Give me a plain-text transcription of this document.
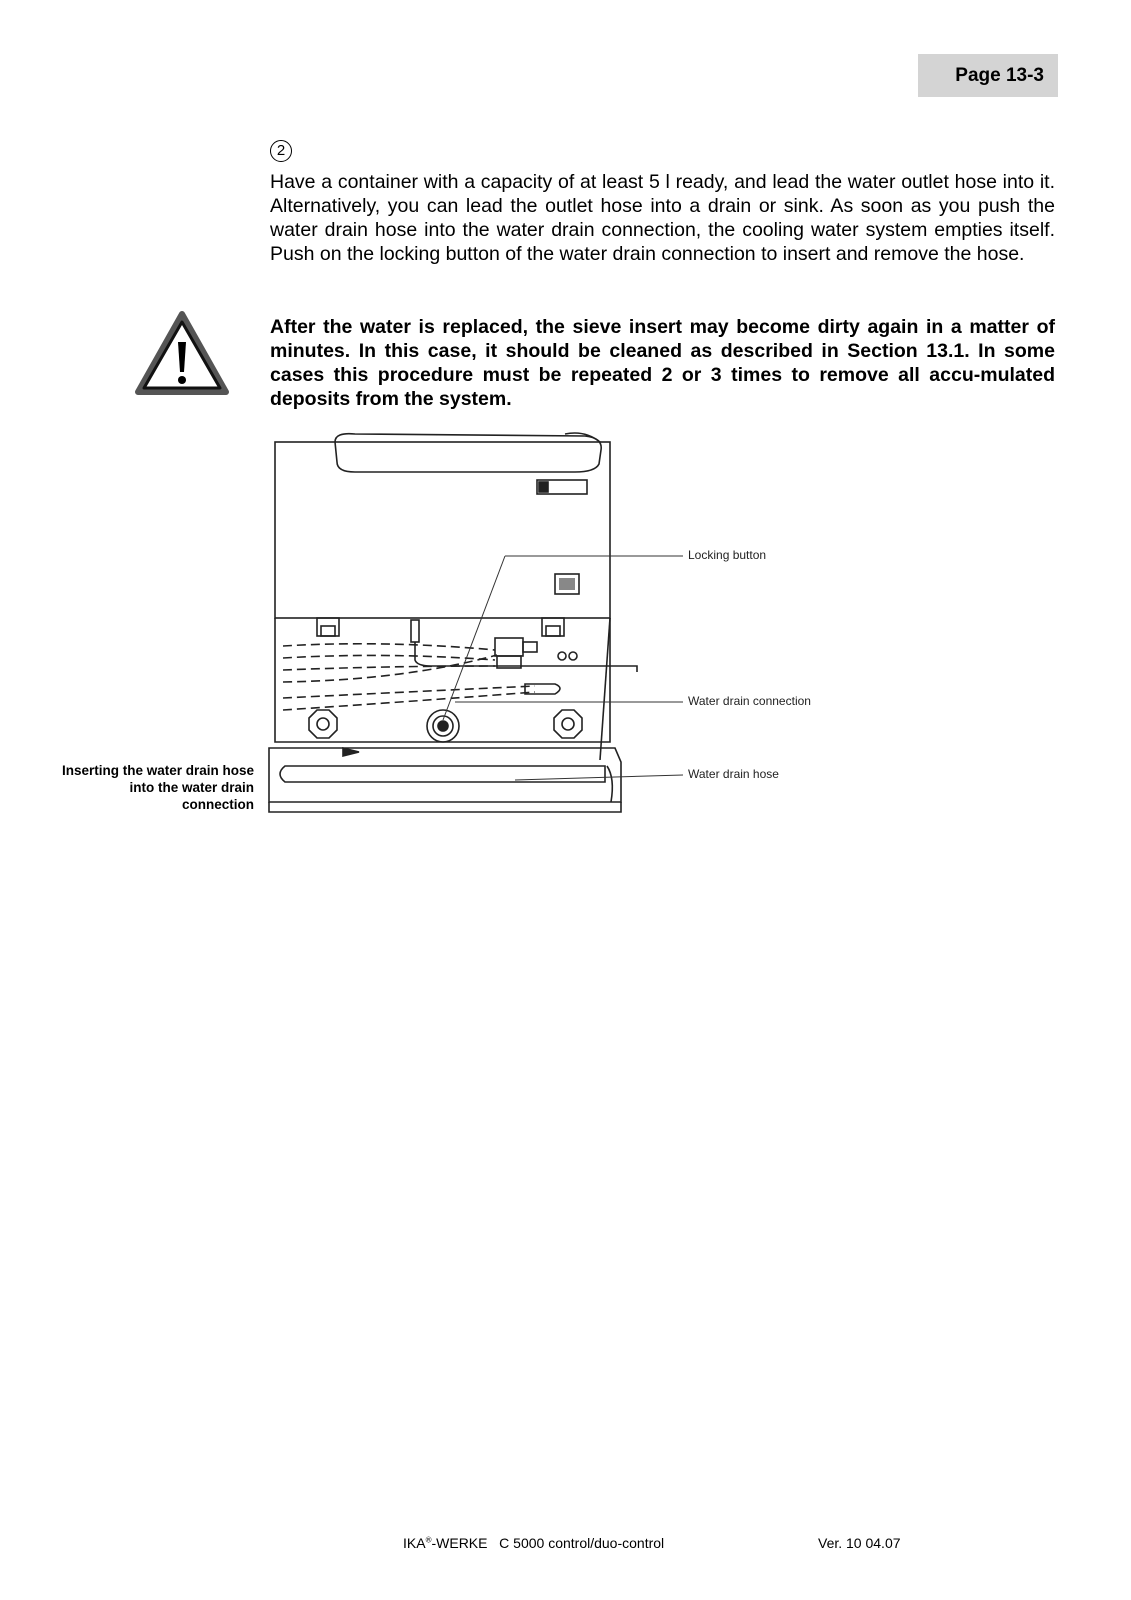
Page 13-3
2

Have a container with a capacity of at least 5 l ready, and lead the water outlet hose into it. Alternatively, you can lead the outlet hose into a drain or sink. As soon as you push the water drain hose into the water drain connection, the cooling water system empties itself. Push on the locking button of the water drain connection to insert and remove the hose.

After the water is replaced, the sieve insert may become dirty again in a matter of minutes. In this case, it should be cleaned as described in Section 13.1. In some cases this procedure must be repeated 2 or 3 times to remove all accu-mulated deposits from the system.

Locking button
Water drain connection
Water drain hose
Inserting the water drain hose into the water drain connection
IKA®-WERKE C 5000 control/duo-control	Ver. 10 04.07
